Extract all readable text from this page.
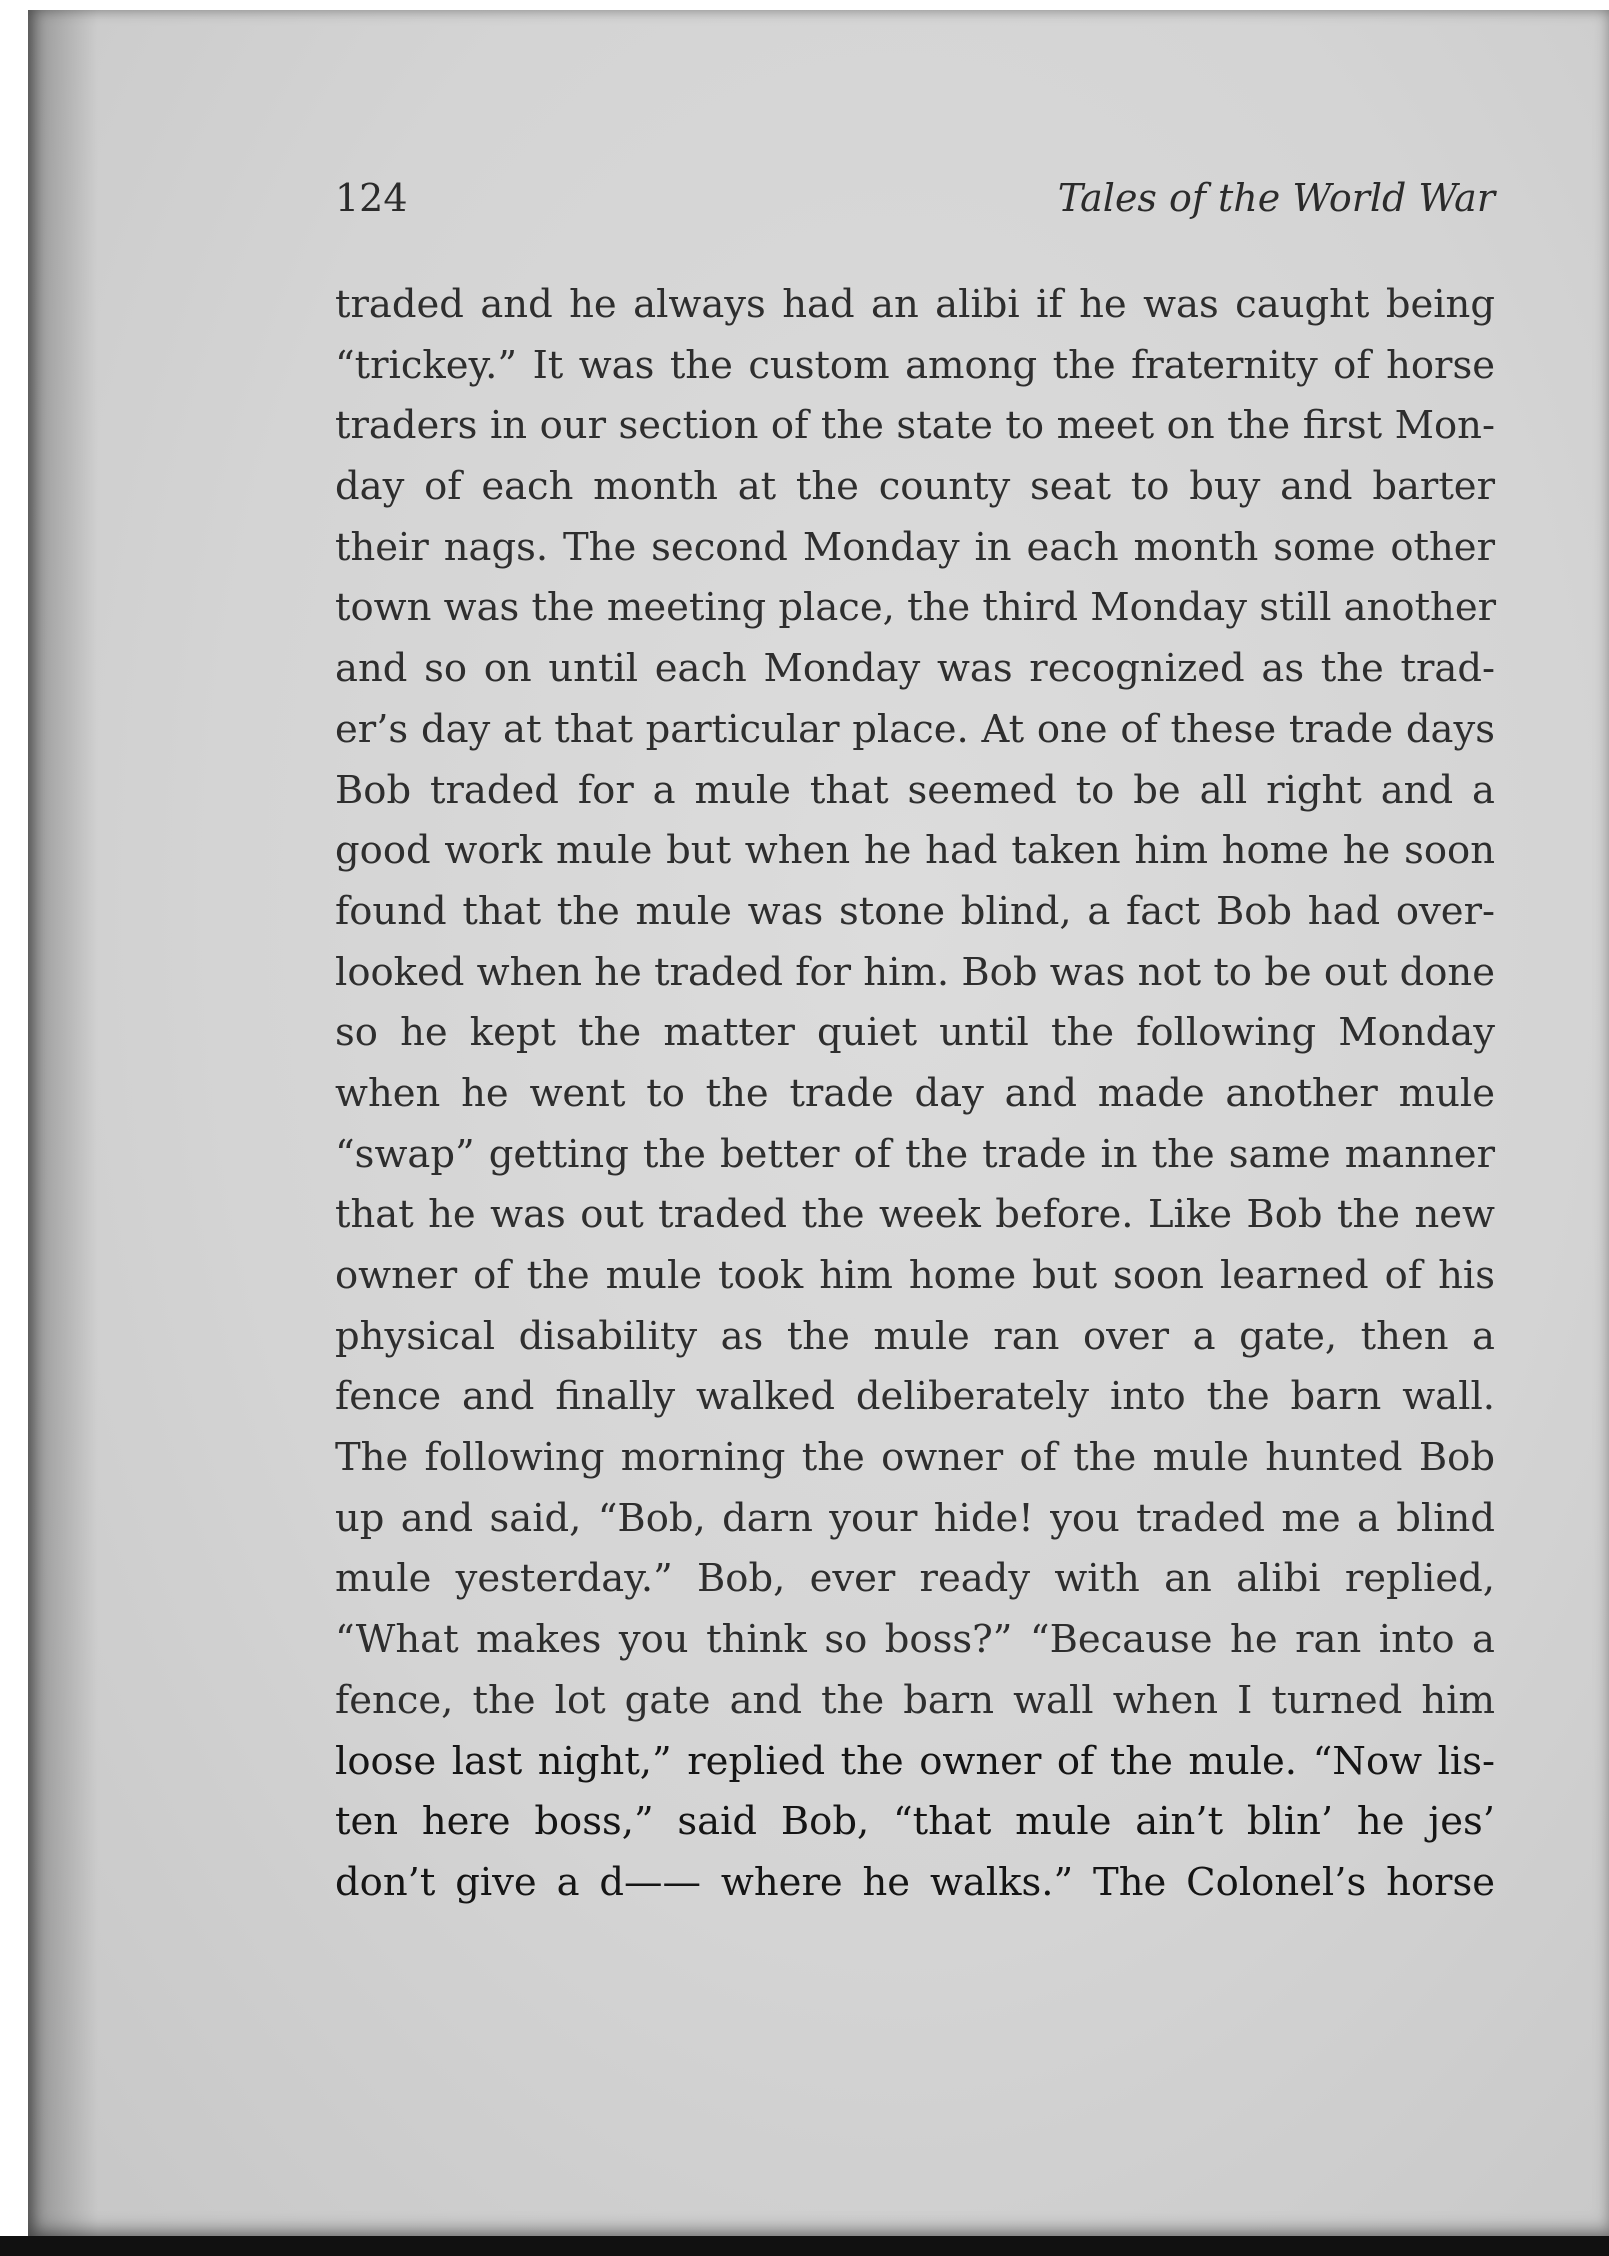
124	Tales of the World War
traded and he always had an alibi if he was caught being
“trickey.” It was the custom among the fraternity of horse
traders in our section of the state to meet on the first Mon-
day of each month at the county seat to buy and barter
their nags. The second Monday in each month some other
town was the meeting place, the third Monday still another
and so on until each Monday was recognized as the trad-
er’s day at that particular place. At one of these trade days
Bob traded for a mule that seemed to be all right and a
good work mule but when he had taken him home he soon
found that the mule was stone blind, a fact Bob had over-
looked when he traded for him. Bob was not to be out done
so he kept the matter quiet until the following Monday
when he went to the trade day and made another mule
“swap” getting the better of the trade in the same manner
that he was out traded the week before. Like Bob the new
owner of the mule took him home but soon learned of his
physical disability as the mule ran over a gate, then a
fence and finally walked deliberately into the barn wall.
The following morning the owner of the mule hunted Bob
up and said, “Bob, darn your hide! you traded me a blind
mule yesterday.” Bob, ever ready with an alibi replied,
“What makes you think so boss?” “Because he ran into a
fence, the lot gate and the barn wall when I turned him
loose last night,” replied the owner of the mule. “Now lis-
ten here boss,” said Bob, “that mule ain’t blin’ he jes’
don’t give a d—— where he walks.” The Colonel’s horse
